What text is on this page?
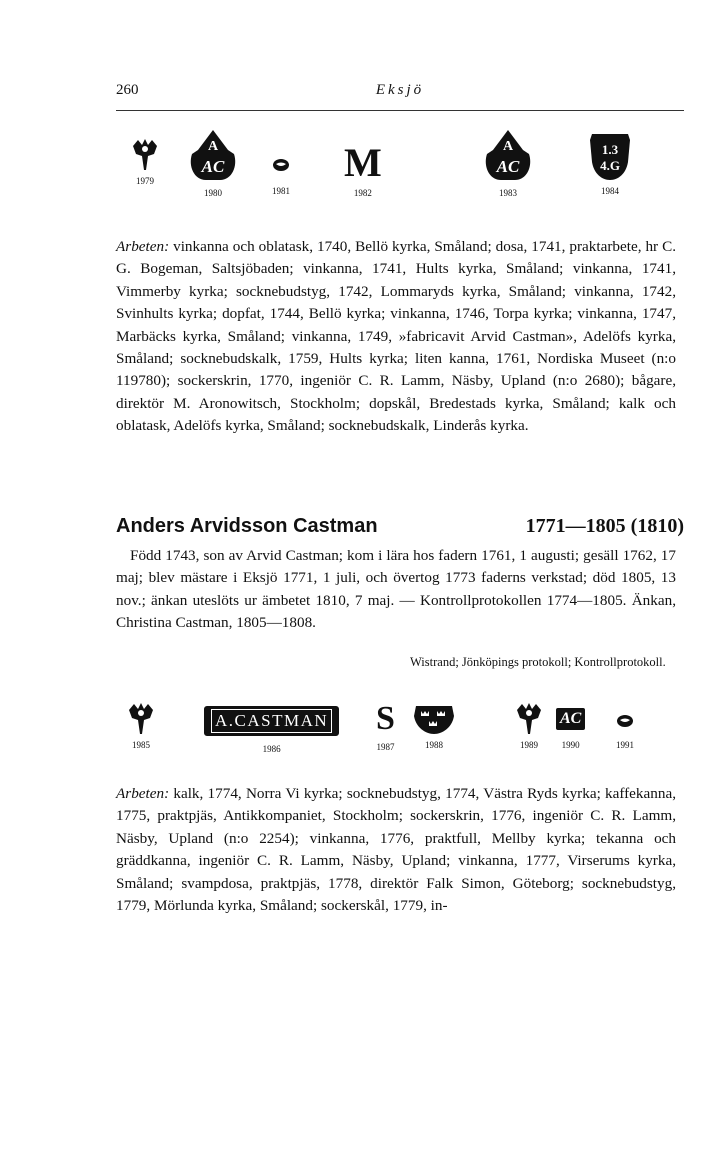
260	Eksjö
1979
A
AC
1980	1981
M
1982
A
AC
1983
1.3
4.G
1984

Arbeten: vinkanna och oblatask, 1740, Bellö kyrka, Småland; dosa, 1741, praktarbete, hr C. G. Bogeman, Saltsjöbaden; vinkanna, 1741, Hults kyrka, Småland; vinkanna, 1741, Vimmerby kyrka; socknebudstyg, 1742, Lommaryds kyrka, Småland; vinkanna, 1742, Svinhults kyrka; dopfat, 1744, Bellö kyrka; vinkanna, 1746, Torpa kyrka; vinkanna, 1747, Marbäcks kyrka, Småland; vinkanna, 1749, »fabricavit Arvid Castman», Adelöfs kyrka, Småland; socknebudskalk, 1759, Hults kyrka; liten kanna, 1761, Nordiska Museet (n:o 119780); sockerskrin, 1770, ingeniör C. R. Lamm, Näsby, Upland (n:o 2680); bågare, direktör M. Aronowitsch, Stockholm; dopskål, Bredestads kyrka, Småland; kalk och oblatask, Adelöfs kyrka, Småland; socknebudskalk, Linderås kyrka.

Anders Arvidsson Castman	1771—1805 (1810)

Född 1743, son av Arvid Castman; kom i lära hos fadern 1761, 1 augusti; gesäll 1762, 17 maj; blev mästare i Eksjö 1771, 1 juli, och övertog 1773 faderns verkstad; död 1805, 13 nov.; änkan uteslöts ur ämbetet 1810, 7 maj. — Kontrollprotokollen 1774—1805. Änkan, Christina Castman, 1805—1808.

Wistrand; Jönköpings protokoll; Kontrollprotokoll.
1985
A.CASTMAN
1986
S
1987	1988	1989
AC
1990	1991

Arbeten: kalk, 1774, Norra Vi kyrka; socknebudstyg, 1774, Västra Ryds kyrka; kaffekanna, 1775, praktpjäs, Antikkompaniet, Stockholm; sockerskrin, 1776, ingeniör C. R. Lamm, Näsby, Upland (n:o 2254); vinkanna, 1776, praktfull, Mellby kyrka; tekanna och gräddkanna, ingeniör C. R. Lamm, Näsby, Upland; vinkanna, 1777, Virserums kyrka, Småland; svampdosa, praktpjäs, 1778, direktör Falk Simon, Göteborg; socknebudstyg, 1779, Mörlunda kyrka, Småland; sockerskål, 1779, in-
